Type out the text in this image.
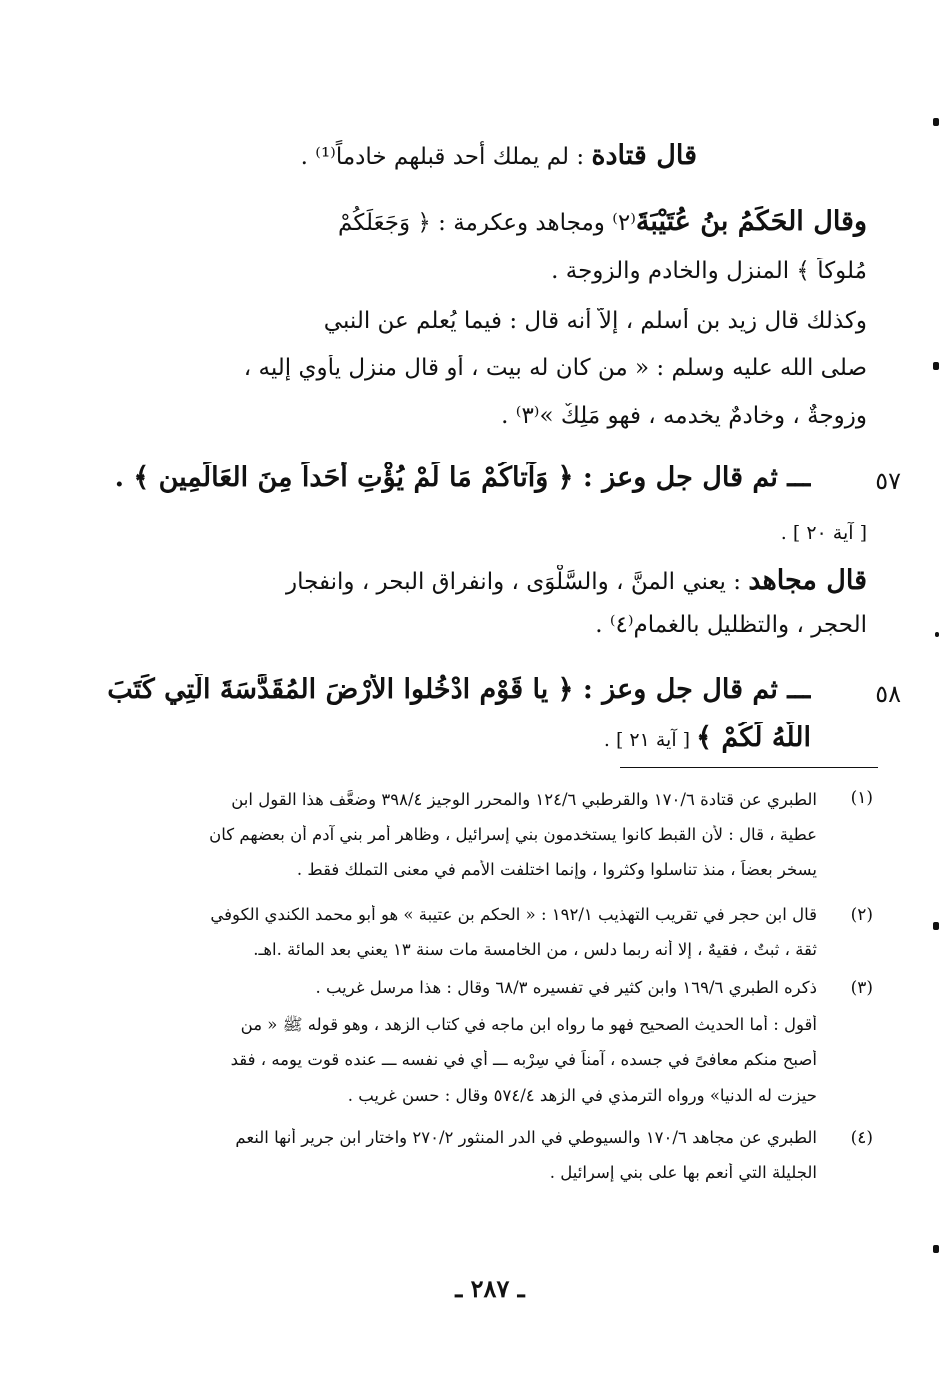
قال قتادة : لم يملك أحد قبلهم خادماً⁽¹⁾ .
وقال الحَكَمُ بنُ عُتَيْبَةَ⁽٢⁾ ومجاهد وعكرمة : ﴿ وَجَعَلَكُمْ
مُلوكاً ﴾ المنزل والخادم والزوجة .
وكذلك قال زيد بن أسلم ، إلاَّ أنه قال : فيما يُعلم عن النبي
صلى الله عليه وسلم : « من كان له بيت ، أو قال منزل يأوي إليه ،
وزوجةٌ ، وخادمٌ يخدمه ، فهو مَلِكٌ »⁽٣⁾ .
٥٧
ـــ ثم قال جل وعز : ﴿ وَآتاكُمْ مَا لَمْ يُؤْتِ أَحَداً مِنَ العَالَمِين ﴾ .
[ آية ٢٠ ] .
قال مجاهد : يعني المنَّ ، والسَّلْوَى ، وانفراق البحر ، وانفجار
الحجر ، والتظليل بالغمام⁽٤⁾ .
٥٨
ـــ ثم قال جل وعز : ﴿ يا قَوْمِ ادْخُلوا الأَرْضَ المُقَدَّسَةَ الَّتِي كَتَبَ
اللَّهُ لَكُمْ ﴾ [ آية ٢١ ] .
(١)
الطبري عن قتادة ١٧٠/٦ والقرطبي ١٢٤/٦ والمحرر الوجيز ٣٩٨/٤ وضعَّف هذا القول ابن
عطية ، قال : لأن القبط كانوا يستخدمون بني إسرائيل ، وظاهر أمر بني آدم أن بعضهم كان
يسخر بعضاً ، منذ تناسلوا وكثروا ، وإنما اختلفت الأمم في معنى التملك فقط .
(٢)
قال ابن حجر في تقريب التهذيب ١٩٢/١ : « الحكم بن عتيبة » هو أبو محمد الكندي الكوفي
ثقة ، ثبتٌ ، فقيهٌ ، إلا أنه ربما دلس ، من الخامسة مات سنة ١٣ يعني بعد المائة .اهـ.
(٣)
ذكره الطبري ١٦٩/٦ وابن كثير في تفسيره ٦٨/٣ وقال : هذا مرسل غريب .
أقول : أما الحديث الصحيح فهو ما رواه ابن ماجه في كتاب الزهد ، وهو قوله ﷺ « من
أصبح منكم معافىً في جسده ، آمناً في سِرْبه ـــ أي في نفسه ـــ عنده قوت يومه ، فقد
حيزت له الدنيا» ورواه الترمذي في الزهد ٥٧٤/٤ وقال : حسن غريب .
(٤)
الطبري عن مجاهد ١٧٠/٦ والسيوطي في الدر المنثور ٢٧٠/٢ واختار ابن جرير أنها النعم
الجليلة التي أنعم بها على بني إسرائيل .
ـ ٢٨٧ ـ
